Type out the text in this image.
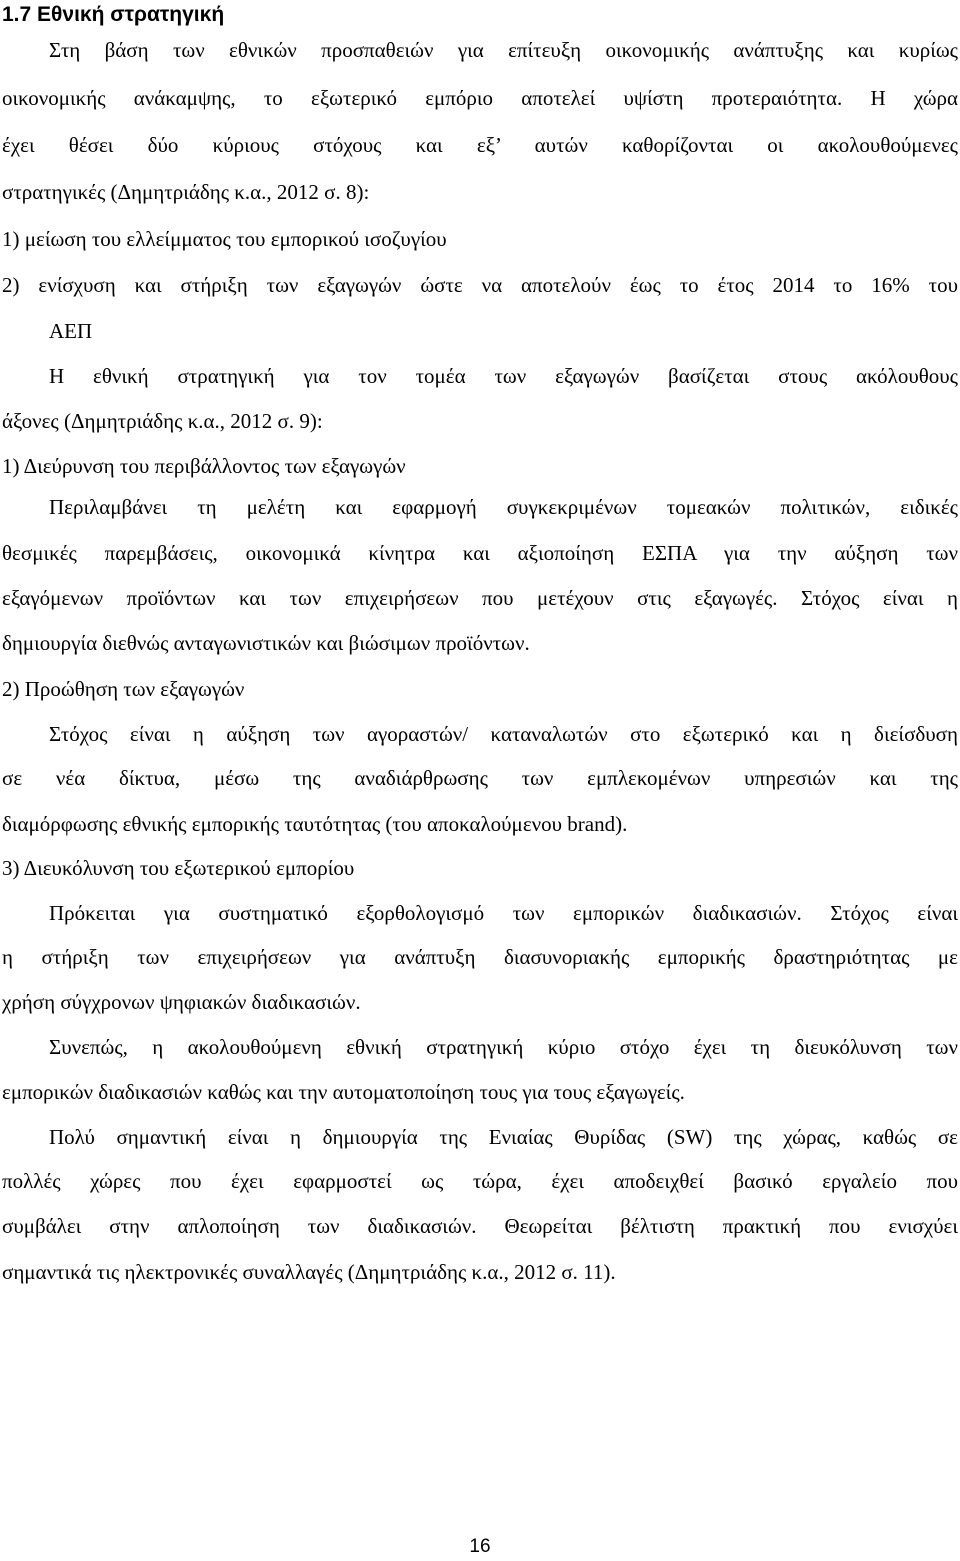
1.7 Εθνική στρατηγική
Στη βάση των εθνικών προσπαθειών για επίτευξη οικονομικής ανάπτυξης και κυρίως
οικονομικής ανάκαμψης, το εξωτερικό εμπόριο αποτελεί υψίστη προτεραιότητα. Η χώρα
έχει θέσει δύο κύριους στόχους και εξ’ αυτών καθορίζονται οι ακολουθούμενες
στρατηγικές (Δημητριάδης κ.α., 2012 σ. 8):
1) μείωση του ελλείμματος του εμπορικού ισοζυγίου
2) ενίσχυση και στήριξη των εξαγωγών ώστε να αποτελούν έως το έτος 2014 το 16% του
ΑΕΠ
Η εθνική στρατηγική για τον τομέα των εξαγωγών βασίζεται στους ακόλουθους
άξονες (Δημητριάδης κ.α., 2012 σ. 9):
1) Διεύρυνση του περιβάλλοντος των εξαγωγών
Περιλαμβάνει τη μελέτη και εφαρμογή συγκεκριμένων τομεακών πολιτικών, ειδικές
θεσμικές παρεμβάσεις, οικονομικά κίνητρα και αξιοποίηση ΕΣΠΑ για την αύξηση των
εξαγόμενων προϊόντων και των επιχειρήσεων που μετέχουν στις εξαγωγές. Στόχος είναι η
δημιουργία διεθνώς ανταγωνιστικών και βιώσιμων προϊόντων.
2) Προώθηση των εξαγωγών
Στόχος είναι η αύξηση των αγοραστών/ καταναλωτών στο εξωτερικό και η διείσδυση
σε νέα δίκτυα, μέσω της αναδιάρθρωσης των εμπλεκομένων υπηρεσιών και της
διαμόρφωσης εθνικής εμπορικής ταυτότητας (του αποκαλούμενου brand).
3) Διευκόλυνση του εξωτερικού εμπορίου
Πρόκειται για συστηματικό εξορθολογισμό των εμπορικών διαδικασιών. Στόχος είναι
η στήριξη των επιχειρήσεων για ανάπτυξη διασυνοριακής εμπορικής δραστηριότητας με
χρήση σύγχρονων ψηφιακών διαδικασιών.
Συνεπώς, η ακολουθούμενη εθνική στρατηγική κύριο στόχο έχει τη διευκόλυνση των
εμπορικών διαδικασιών καθώς και την αυτοματοποίηση τους για τους εξαγωγείς.
Πολύ σημαντική είναι η δημιουργία της Ενιαίας Θυρίδας (SW) της χώρας, καθώς σε
πολλές χώρες που έχει εφαρμοστεί ως τώρα, έχει αποδειχθεί βασικό εργαλείο που
συμβάλει στην απλοποίηση των διαδικασιών. Θεωρείται βέλτιστη πρακτική που ενισχύει
σημαντικά τις ηλεκτρονικές συναλλαγές (Δημητριάδης κ.α., 2012 σ. 11).
16
